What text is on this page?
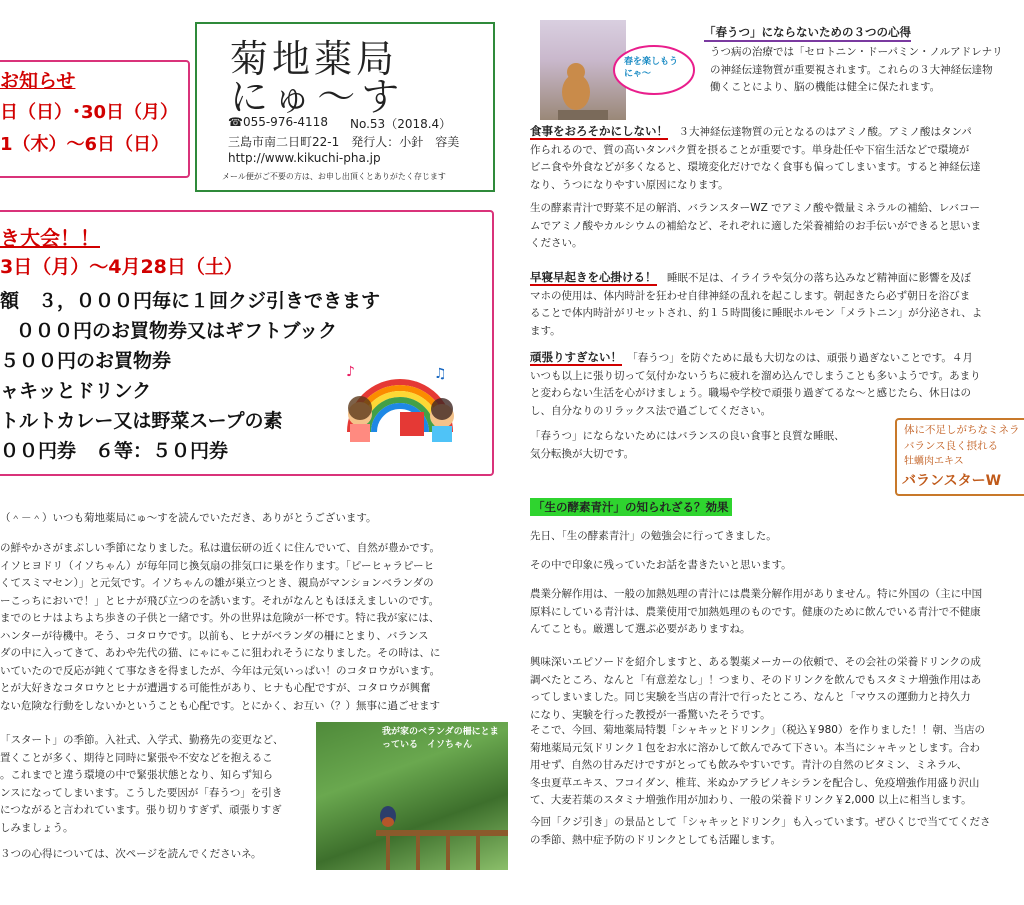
お知らせ
日（日）･30日（月）
1（木）～6日（日）
菊地薬局
にゅ～す
☎055-976-4118 No.53（2018.4）
三島市南二日町22-1　発行人：小針　容美
http://www.kikuchi-pha.jp
メール便がご不要の方は、お申し出頂くとありがたく存じます
き大会！！
3日（月）～4月28日（土）
額　３，０００円毎に１回クジ引きできます
０００円のお買物券又はギフトブック
５００円のお買物券
ャキッとドリンク
トルトカレー又は野菜スープの素
００円券　６等：５０円券
♪	♫
（＾－＾）いつも菊地薬局にゅ～すを読んでいただき、ありがとうございます。
の鮮やかさがまぶしい季節になりました。私は遺伝研の近くに住んでいて、自然が豊かです。
イソヒヨドリ（イソちゃん）が毎年同じ換気扇の排気口に巣を作ります。「ピーヒャラピーヒ
くてスミマセン）」と元気です。イソちゃんの雛が巣立つとき、親鳥がマンションベランダの
ーこっちにおいで！」とヒナが飛び立つのを誘います。それがなんともほほえましいのです。
までのヒナはよちよち歩きの子供と一緒です。外の世界は危険が一杯です。特に我が家には、
ハンターが待機中。そう、コタロウです。以前も、ヒナがベランダの柵にとまり、バランス
ダの中に入ってきて、あわや先代の猫、にゃにゃこに狙われそうになりました。その時は、に
いていたので反応が鈍くて事なきを得ましたが、今年は元気いっぱい！のコタロウがいます。
とが大好きなコタロウとヒナが遭遇する可能性があり、ヒナも心配ですが、コタロウが興奮
ない危険な行動をしないかということも心配です。とにかく、お互い（？）無事に過ごせます
「スタート」の季節。入社式、入学式、勤務先の変更など、
置くことが多く、期待と同時に緊張や不安などを抱えるこ
。これまでと違う環境の中で緊張状態となり、知らず知ら
ンスになってしまいます。こうした要因が「春うつ」を引き
につながると言われています。張り切りすぎず、頑張りすぎ
しみましょう。
３つの心得については、次ページを読んでくださいネ。
我が家のベランダの柵にとまっている　イソちゃん
春を楽しもう にゃ～
「春うつ」にならないための３つの心得
うつ病の治療では「セロトニン・ドーパミン・ノルアドレナリ
の神経伝達物質が重要視されます。これらの３大神経伝達物
働くことにより、脳の機能は健全に保たれます。
食事をおろそかにしない！　３大神経伝達物質の元となるのはアミノ酸。アミノ酸はタンパ
作られるので、質の高いタンパク質を摂ることが重要です。単身赴任や下宿生活などで環境が
ビニ食や外食などが多くなると、環境変化だけでなく食事も偏ってしまいます。すると神経伝達
なり、うつになりやすい原因になります。
生の酵素青汁で野菜不足の解消、バランスターWZ でアミノ酸や微量ミネラルの補給、レバコー
ムでアミノ酸やカルシウムの補給など、それぞれに適した栄養補給のお手伝いができると思いま
ください。
早寝早起きを心掛ける！　睡眠不足は、イライラや気分の落ち込みなど精神面に影響を及ぼ
マホの使用は、体内時計を狂わせ自律神経の乱れを起こします。朝起きたら必ず朝日を浴びま
ることで体内時計がリセットされ、約１５時間後に睡眠ホルモン「メラトニン」が分泌され、よ
ます。
頑張りすぎない！　「春うつ」を防ぐために最も大切なのは、頑張り過ぎないことです。４月
いつも以上に張り切って気付かないうちに疲れを溜め込んでしまうことも多いようです。あまり
と変わらない生活を心がけましょう。職場や学校で頑張り過ぎてるな～と感じたら、休日はの
し、自分なりのリラックス法で過ごしてください。
「春うつ」にならないためにはバランスの良い食事と良質な睡眠、
気分転換が大切です。
体に不足しがちなミネラ
バランス良く摂れる
牡蠣肉エキス
バランスターW
「生の酵素青汁」の知られざる？効果
先日、「生の酵素青汁」の勉強会に行ってきました。
その中で印象に残っていたお話を書きたいと思います。
農業分解作用は、一般の加熱処理の青汁には農業分解作用がありません。特に外国の（主に中国
原料にしている青汁は、農業使用で加熱処理のものです。健康のために飲んでいる青汁で不健康
んてことも。厳選して選ぶ必要がありますね。
興味深いエピソードを紹介しますと、ある製薬メーカーの依頼で、その会社の栄養ドリンクの成
調べたところ、なんと「有意差なし」！つまり、そのドリンクを飲んでもスタミナ増強作用はあ
ってしまいました。同じ実験を当店の青汁で行ったところ、なんと「マウスの運動力と持久力
になり、実験を行った教授が一番驚いたそうです。
そこで、今回、菊地薬局特製「シャキッとドリンク」（税込￥980）を作りました！！朝、当店の
菊地薬局元気ドリンク１包をお水に溶かして飲んでみて下さい。本当にシャキッとします。合わ
用せず、自然の甘みだけですがとっても飲みやすいです。青汁の自然のビタミン、ミネラル、
冬虫夏草エキス、フコイダン、椎茸、米ぬかアラビノキシランを配合し、免疫増強作用盛り沢山
て、大麦若葉のスタミナ増強作用が加わり、一般の栄養ドリンク￥2,000 以上に相当します。
今回「クジ引き」の景品として「シャキッとドリンク」も入っています。ぜひくじで当ててくださ
の季節、熱中症予防のドリンクとしても活躍します。
